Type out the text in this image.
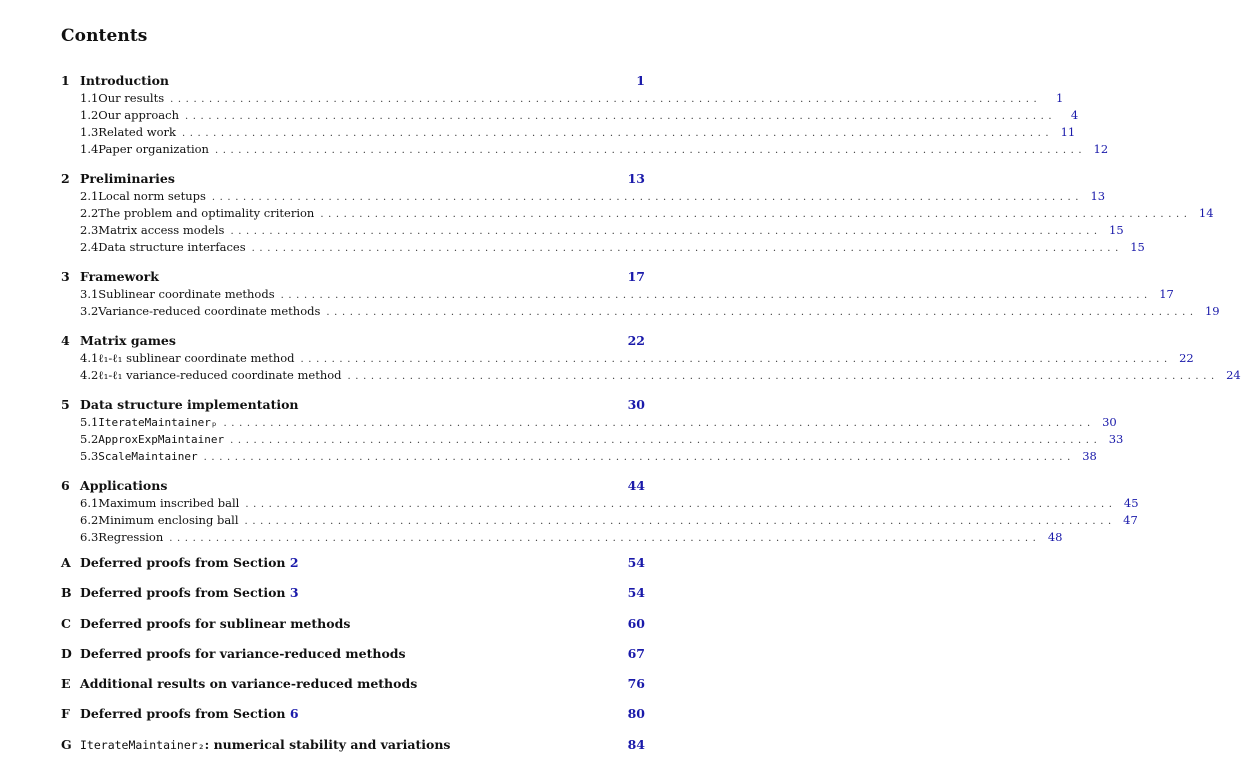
Contents
1 Introduction	1
1.1 Our results ................................................................................................................	1
1.2 Our approach ................................................................................................................	4
1.3 Related work ................................................................................................................ 11
1.4 Paper organization ................................................................................................................ 12
2 Preliminaries	13
2.1 Local norm setups ................................................................................................................ 13
2.2 The problem and optimality criterion ................................................................................................................ 14
2.3 Matrix access models ................................................................................................................ 15
2.4 Data structure interfaces ................................................................................................................ 15
3 Framework	17
3.1 Sublinear coordinate methods ................................................................................................................ 17
3.2 Variance-reduced coordinate methods ................................................................................................................ 19
4 Matrix games	22
4.1 ℓ₁-ℓ₁ sublinear coordinate method ................................................................................................................ 22
4.2 ℓ₁-ℓ₁ variance-reduced coordinate method ................................................................................................................ 24
5 Data structure implementation	30
5.1 IterateMaintainerₚ ................................................................................................................ 30
5.2 ApproxExpMaintainer ................................................................................................................ 33
5.3 ScaleMaintainer ................................................................................................................ 38
6 Applications	44
6.1 Maximum inscribed ball ................................................................................................................ 45
6.2 Minimum enclosing ball ................................................................................................................ 47
6.3 Regression ................................................................................................................ 48
A Deferred proofs from Section 2	54
B Deferred proofs from Section 3	54
C Deferred proofs for sublinear methods	60
D Deferred proofs for variance-reduced methods	67
E Additional results on variance-reduced methods	76
F Deferred proofs from Section 6	80
G IterateMaintainer₂: numerical stability and variations	84
